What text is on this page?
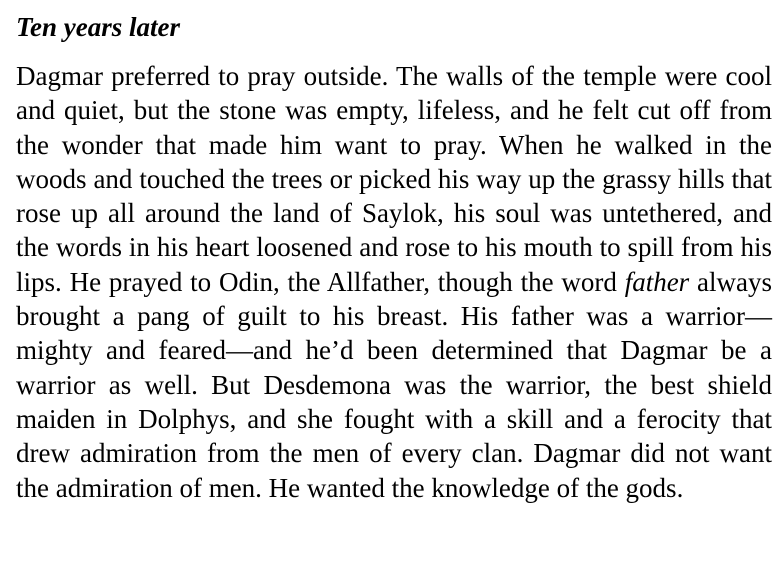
Ten years later

Dagmar preferred to pray outside. The walls of the temple were cool and quiet, but the stone was empty, lifeless, and he felt cut off from the wonder that made him want to pray. When he walked in the woods and touched the trees or picked his way up the grassy hills that rose up all around the land of Saylok, his soul was untethered, and the words in his heart loosened and rose to his mouth to spill from his lips. He prayed to Odin, the Allfather, though the word father always brought a pang of guilt to his breast. His father was a warrior—mighty and feared—and he’d been determined that Dagmar be a warrior as well. But Desdemona was the warrior, the best shield maiden in Dolphys, and she fought with a skill and a ferocity that drew admiration from the men of every clan. Dagmar did not want the admiration of men. He wanted the knowledge of the gods.
